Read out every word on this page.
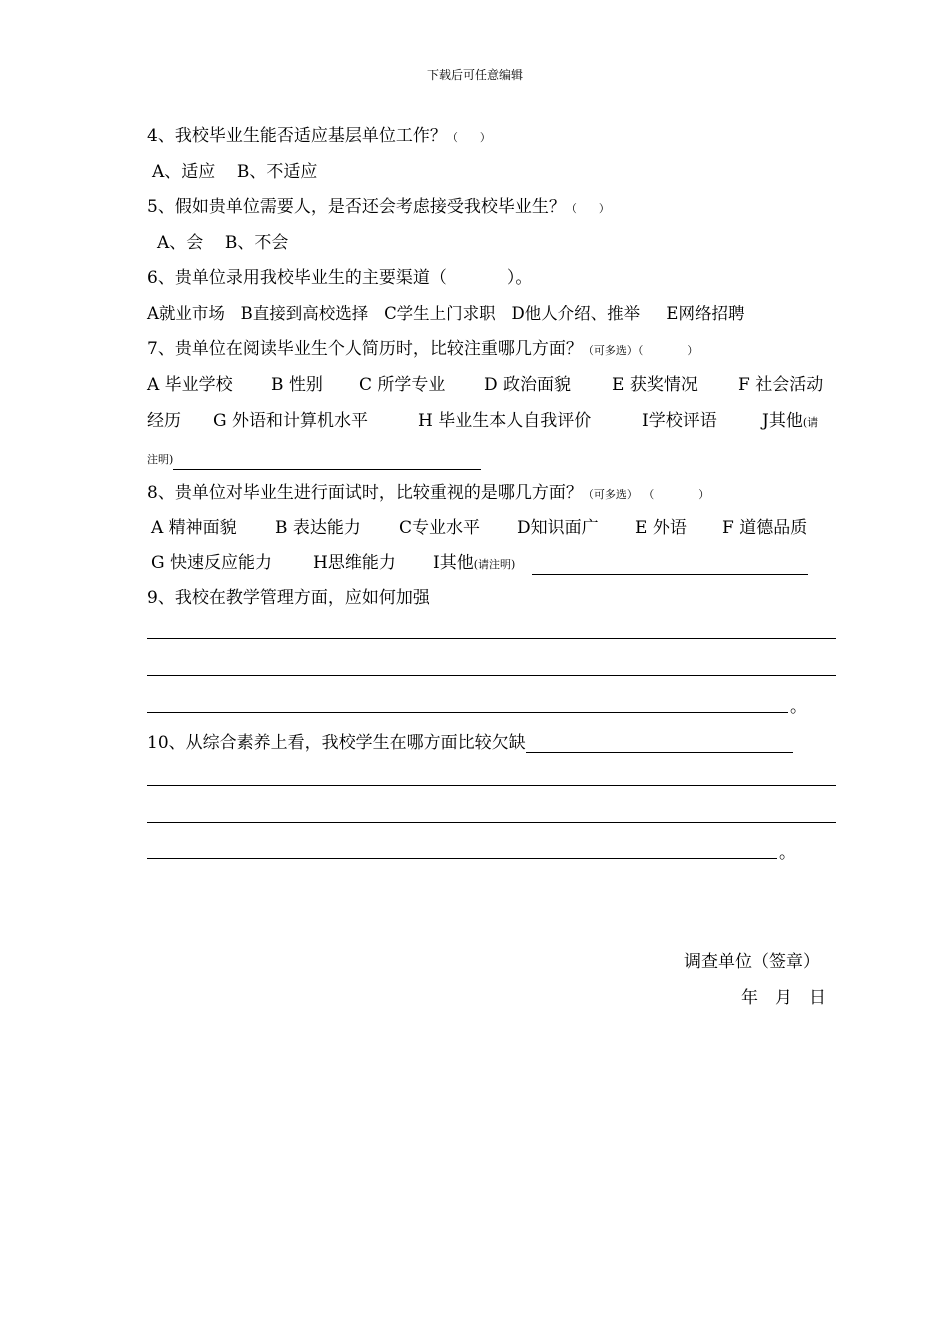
下载后可任意编辑
4、我校毕业生能否适应基层单位工作？（　　）
A、适应 B、不适应
5、假如贵单位需要人，是否还会考虑接受我校毕业生？（　　）
A、会 B、不会
6、贵单位录用我校毕业生的主要渠道（	）。
A就业市场 B直接到高校选择 C学生上门求职 D他人介绍、推举 E网络招聘
7、贵单位在阅读毕业生个人简历时，比较注重哪几方面？（可多选）（　　　　）
A 毕业学校 B 性别 C 所学专业 D 政治面貌 E 获奖情况 F 社会活动
经历 G 外语和计算机水平	H 毕业生本人自我评价	I学校评语	J其他(请
注明)
8、贵单位对毕业生进行面试时，比较重视的是哪几方面？（可多选） （　　　　）
A 精神面貌 B 表达能力 C专业水平 D知识面广 E 外语 F 道德品质
G 快速反应能力 H思维能力 I其他(请注明)
9、我校在教学管理方面，应如何加强
。
10、从综合素养上看，我校学生在哪方面比较欠缺
。
调查单位（签章）
年　月　日
